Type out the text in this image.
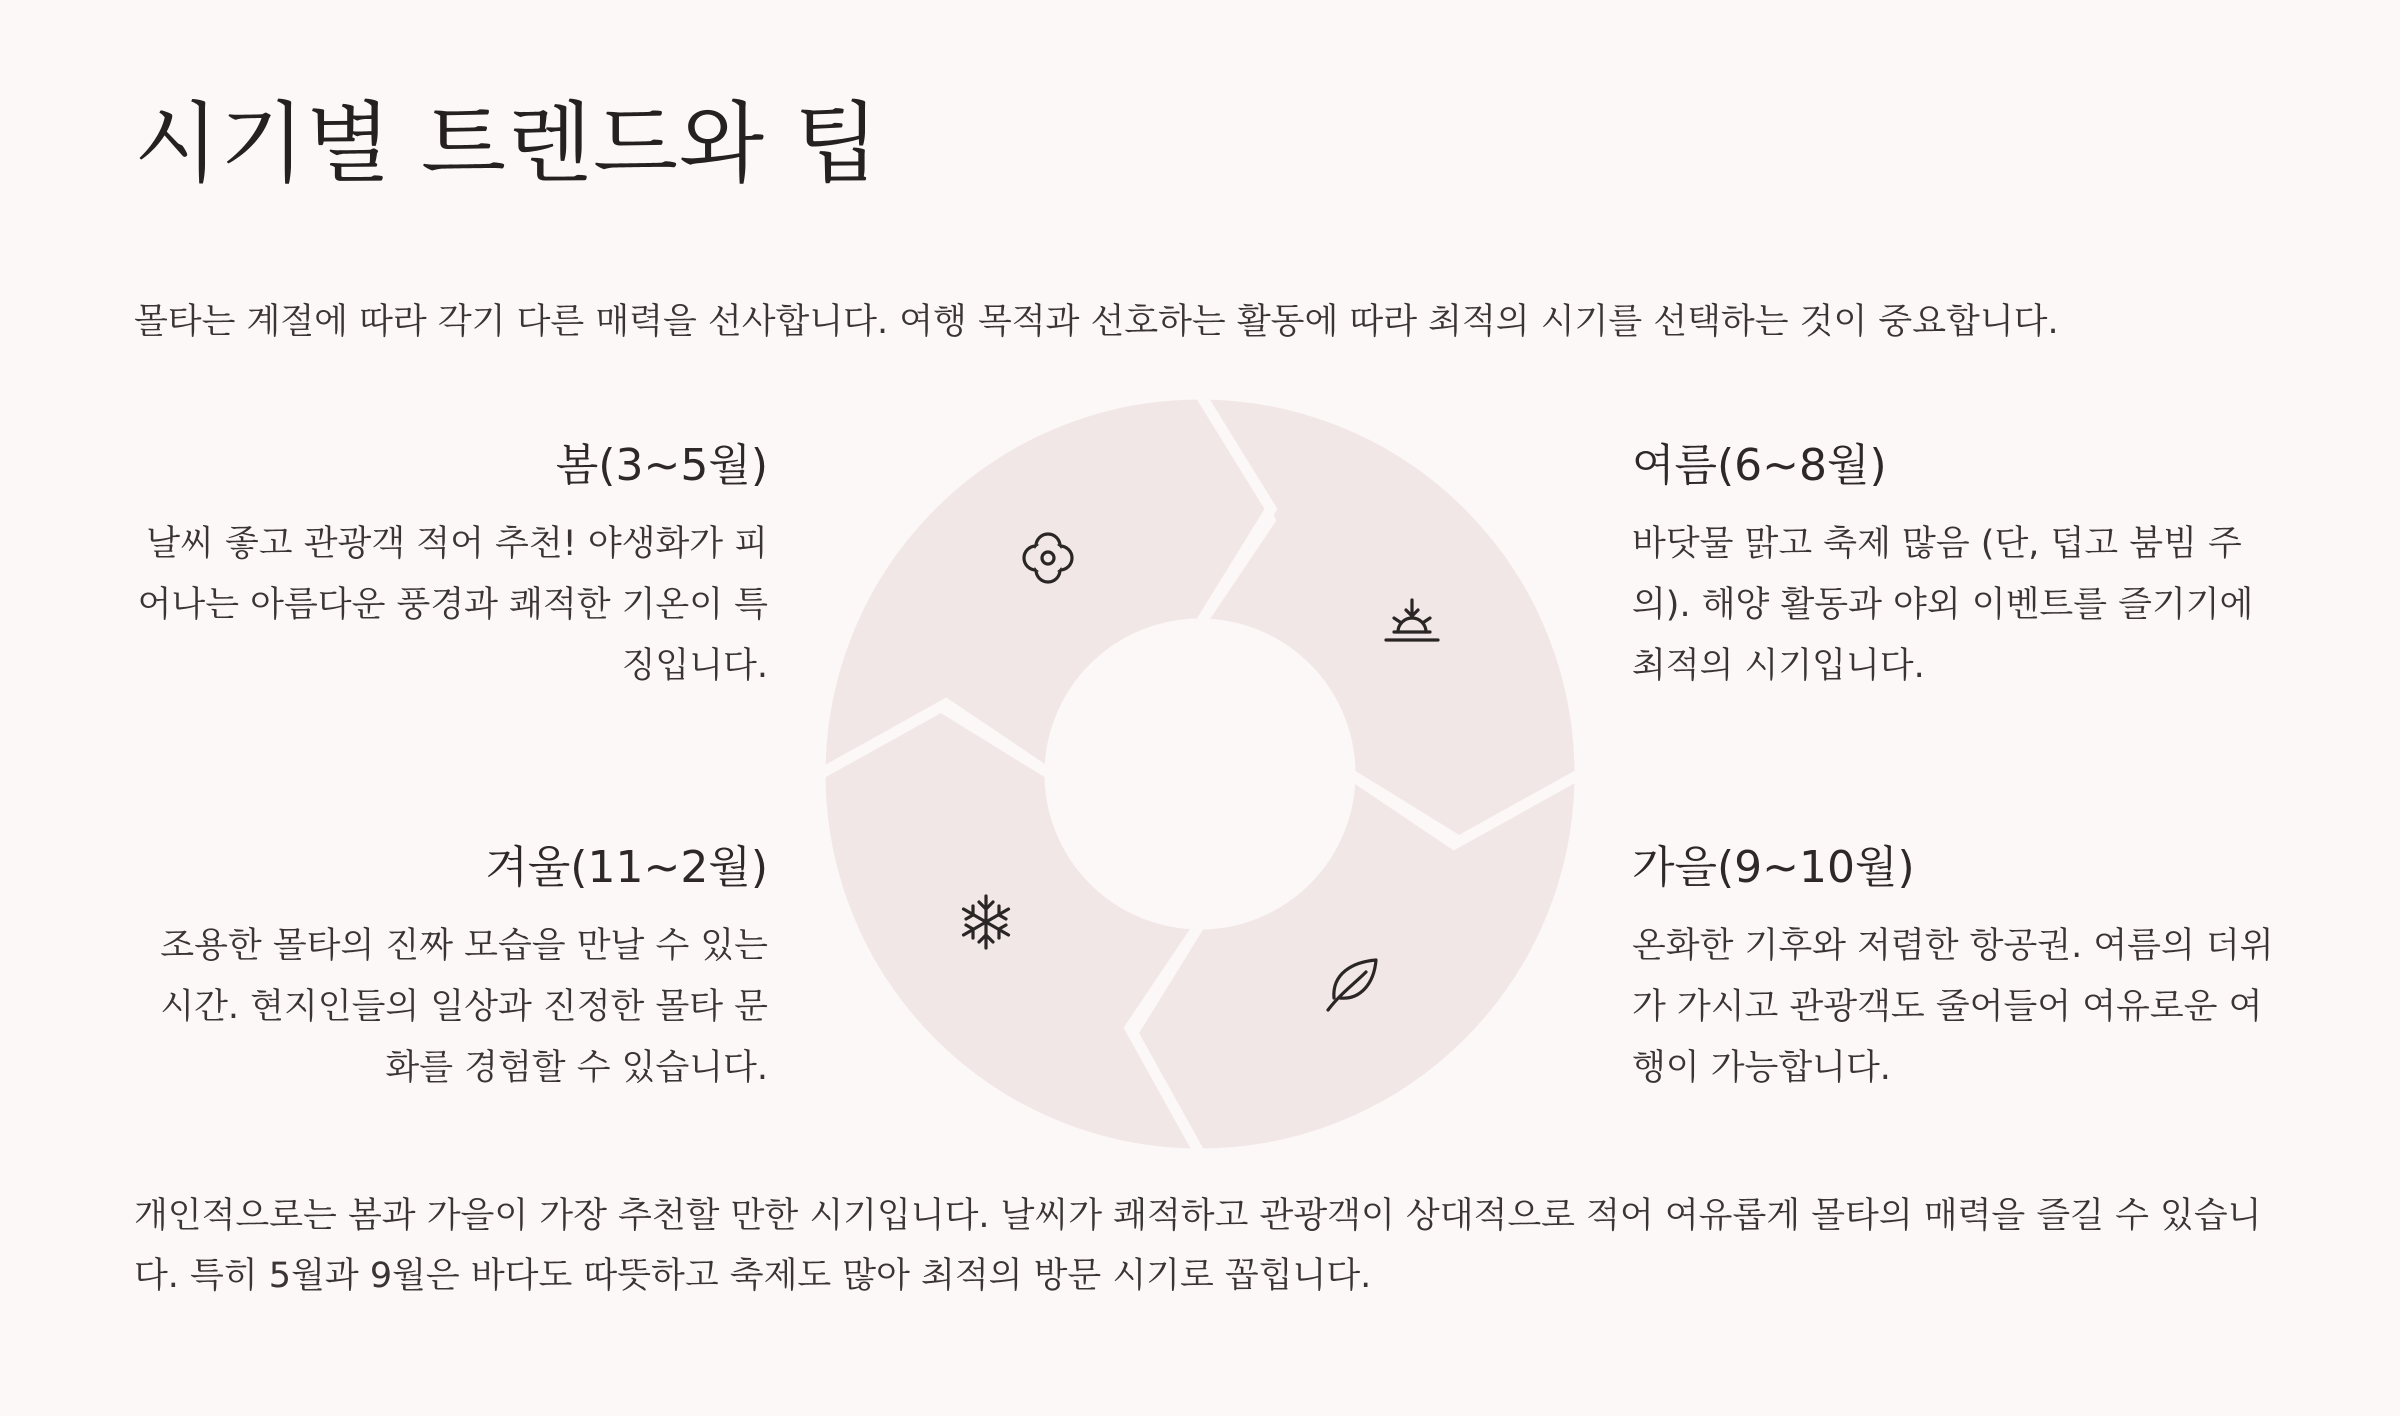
시기별 트렌드와 팁

몰타는 계절에 따라 각기 다른 매력을 선사합니다. 여행 목적과 선호하는 활동에 따라 최적의 시기를 선택하는 것이 중요합니다.

봄(3~5월)

날씨 좋고 관광객 적어 추천! 야생화가 피어나는 아름다운 풍경과 쾌적한 기온이 특징입니다.

여름(6~8월)

바닷물 맑고 축제 많음 (단, 덥고 붐빔 주의). 해양 활동과 야외 이벤트를 즐기기에 최적의 시기입니다.

겨울(11~2월)

조용한 몰타의 진짜 모습을 만날 수 있는 시간. 현지인들의 일상과 진정한 몰타 문화를 경험할 수 있습니다.

가을(9~10월)

온화한 기후와 저렴한 항공권. 여름의 더위가 가시고 관광객도 줄어들어 여유로운 여행이 가능합니다.

개인적으로는 봄과 가을이 가장 추천할 만한 시기입니다. 날씨가 쾌적하고 관광객이 상대적으로 적어 여유롭게 몰타의 매력을 즐길 수 있습니다. 특히 5월과 9월은 바다도 따뜻하고 축제도 많아 최적의 방문 시기로 꼽힙니다.
